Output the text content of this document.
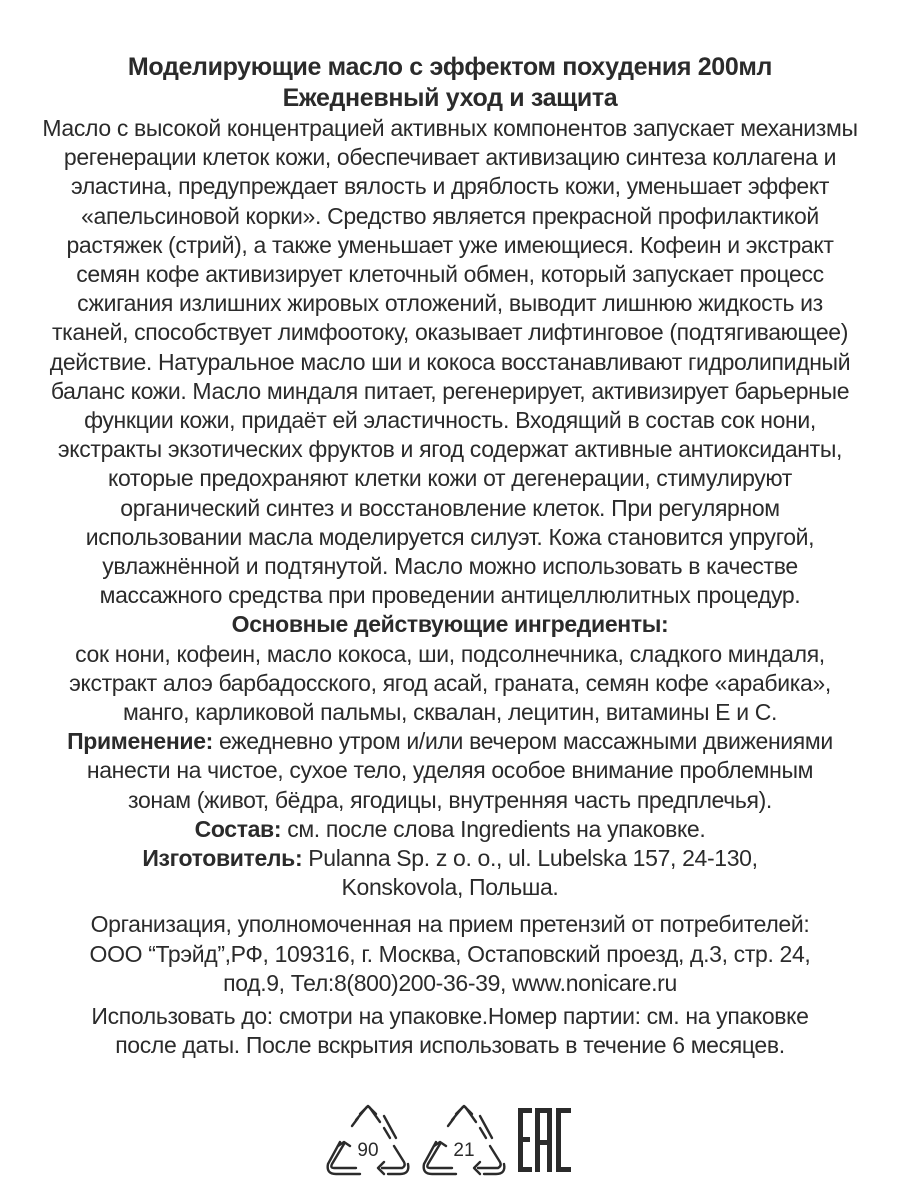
Моделирующие масло с эффектом похудения 200мл

Ежедневный уход и защита

Масло с высокой концентрацией активных компонентов запускает механизмы

регенерации клеток кожи, обеспечивает активизацию синтеза коллагена и

эластина, предупреждает вялость и дряблость кожи, уменьшает эффект

«апельсиновой корки». Средство является прекрасной профилактикой

растяжек (стрий), а также уменьшает уже имеющиеся. Кофеин и экстракт

семян кофе активизирует клеточный обмен, который запускает процесс

сжигания излишних жировых отложений, выводит лишнюю жидкость из

тканей, способствует лимфоотоку, оказывает лифтинговое (подтягивающее)

действие. Натуральное масло ши и кокоса восстанавливают гидролипидный

баланс кожи. Масло миндаля питает, регенерирует, активизирует барьерные

функции кожи, придаёт ей эластичность. Входящий в состав сок нони,

экстракты экзотических фруктов и ягод содержат активные антиоксиданты,

которые предохраняют клетки кожи от дегенерации, стимулируют

органический синтез и восстановление клеток. При регулярном

использовании масла моделируется силуэт. Кожа становится упругой,

увлажнённой и подтянутой. Масло можно использовать в качестве

массажного средства при проведении антицеллюлитных процедур.

Основные действующие ингредиенты:

сок нони, кофеин, масло кокоса, ши, подсолнечника, сладкого миндаля,

экстракт алоэ барбадосского, ягод асай, граната, семян кофе «арабика»,

манго, карликовой пальмы, сквалан, лецитин, витамины Е и С.

Применение: ежедневно утром и/или вечером массажными движениями

нанести на чистое, сухое тело, уделяя особое внимание проблемным

зонам (живот, бёдра, ягодицы, внутренняя часть предплечья).

Состав: см. после слова Ingredients на упаковке.

Изготовитель: Pulanna Sp. z o. o., ul. Lubelska 157, 24-130,

Konskovola, Польша.

Организация, уполномоченная на прием претензий от потребителей:

ООО “Трэйд”,РФ, 109316, г. Москва, Остаповский проезд, д.3, стр. 24,

под.9, Тел:8(800)200-36-39, www.nonicare.ru

Использовать до: смотри на упаковке.Номер партии: см. на упаковке

после даты. После вскрытия использовать в течение 6 месяцев.

90	21
